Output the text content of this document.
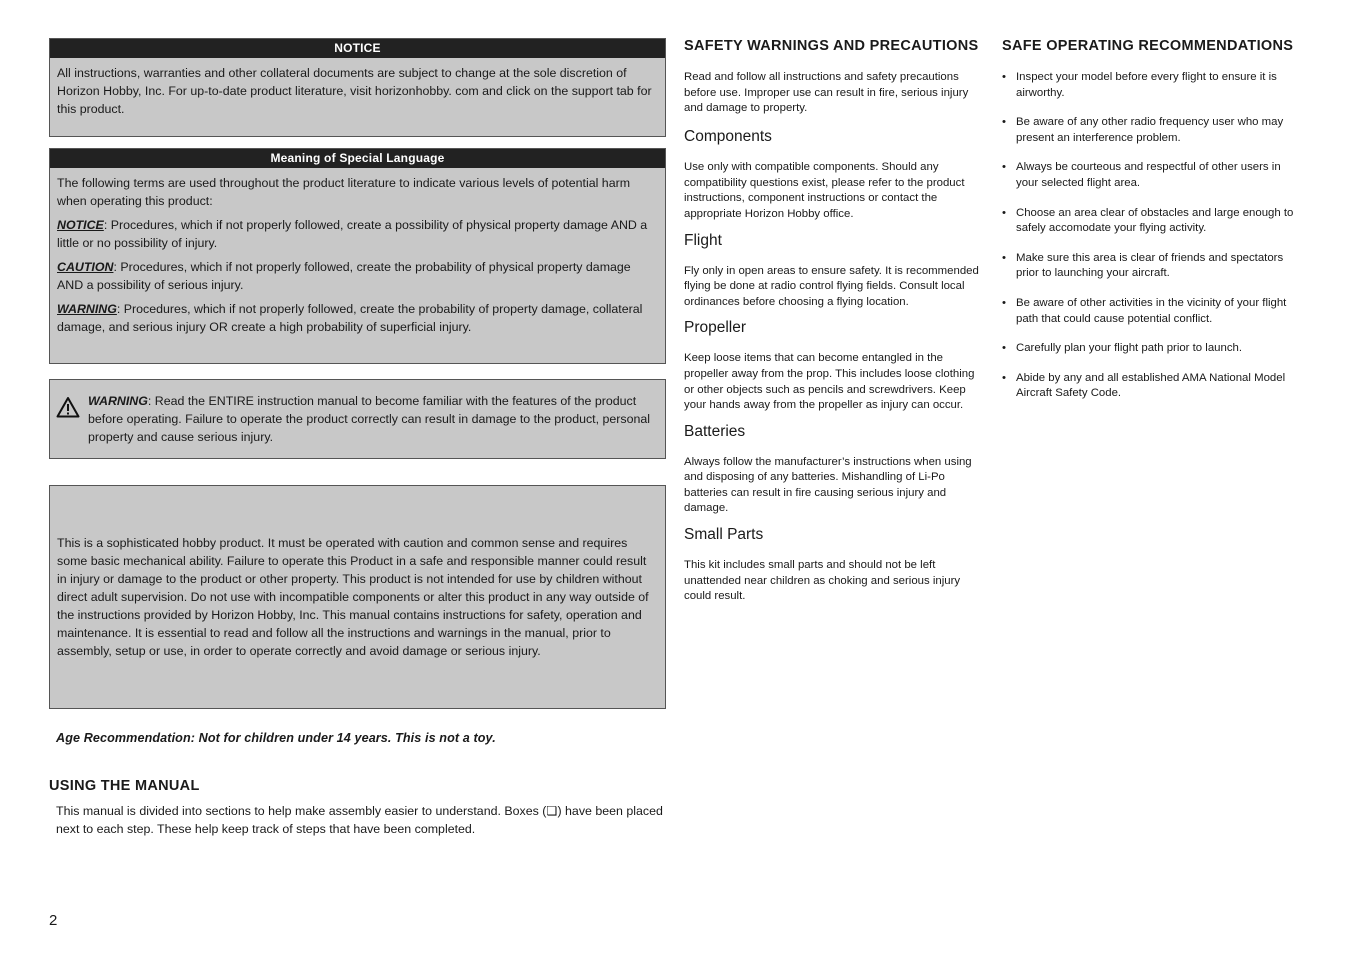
NOTICE

All instructions, warranties and other collateral documents are subject to change at the sole discretion of Horizon Hobby, Inc. For up-to-date product literature, visit horizonhobby. com and click on the support tab for this product.

Meaning of Special Language

The following terms are used throughout the product literature to indicate various levels of potential harm when operating this product:

NOTICE: Procedures, which if not properly followed, create a possibility of physical property damage AND a little or no possibility of injury.

CAUTION: Procedures, which if not properly followed, create the probability of physical property damage AND a possibility of serious injury.

WARNING: Procedures, which if not properly followed, create the probability of property damage, collateral damage, and serious injury OR create a high probability of superficial injury.

WARNING: Read the ENTIRE instruction manual to become familiar with the features of the product before operating. Failure to operate the product correctly can result in damage to the product, personal property and cause serious injury.
This is a sophisticated hobby product. It must be operated with caution and common sense and requires some basic mechanical ability. Failure to operate this Product in a safe and responsible manner could result in injury or damage to the product or other property. This product is not intended for use by children without direct adult supervision. Do not use with incompatible components or alter this product in any way outside of the instructions provided by Horizon Hobby, Inc. This manual contains instructions for safety, operation and maintenance. It is essential to read and follow all the instructions and warnings in the manual, prior to assembly, setup or use, in order to operate correctly and avoid damage or serious injury.
Age Recommendation: Not for children under 14 years. This is not a toy.
USING THE MANUAL
This manual is divided into sections to help make assembly easier to understand. Boxes (❏) have been placed next to each step. These help keep track of steps that have been completed.
2
SAFETY WARNINGS AND PRECAUTIONS

Read and follow all instructions and safety precautions before use. Improper use can result in fire, serious injury and damage to property.

Components

Use only with compatible components. Should any compatibility questions exist, please refer to the product instructions, component instructions or contact the appropriate Horizon Hobby office.

Flight

Fly only in open areas to ensure safety. It is recommended flying be done at radio control flying fields. Consult local ordinances before choosing a flying location.

Propeller

Keep loose items that can become entangled in the propeller away from the prop. This includes loose clothing or other objects such as pencils and screwdrivers. Keep your hands away from the propeller as injury can occur.

Batteries

Always follow the manufacturer’s instructions when using and disposing of any batteries. Mishandling of Li-Po batteries can result in fire causing serious injury and damage.

Small Parts

This kit includes small parts and should not be left unattended near children as choking and serious injury could result.

SAFE OPERATING RECOMMENDATIONS
• Inspect your model before every flight to ensure it is airworthy.
• Be aware of any other radio frequency user who may present an interference problem.
• Always be courteous and respectful of other users in your selected flight area.
• Choose an area clear of obstacles and large enough to safely accomodate your flying activity.
• Make sure this area is clear of friends and spectators prior to launching your aircraft.
• Be aware of other activities in the vicinity of your flight path that could cause potential conflict.
• Carefully plan your flight path prior to launch.
• Abide by any and all established AMA National Model Aircraft Safety Code.
